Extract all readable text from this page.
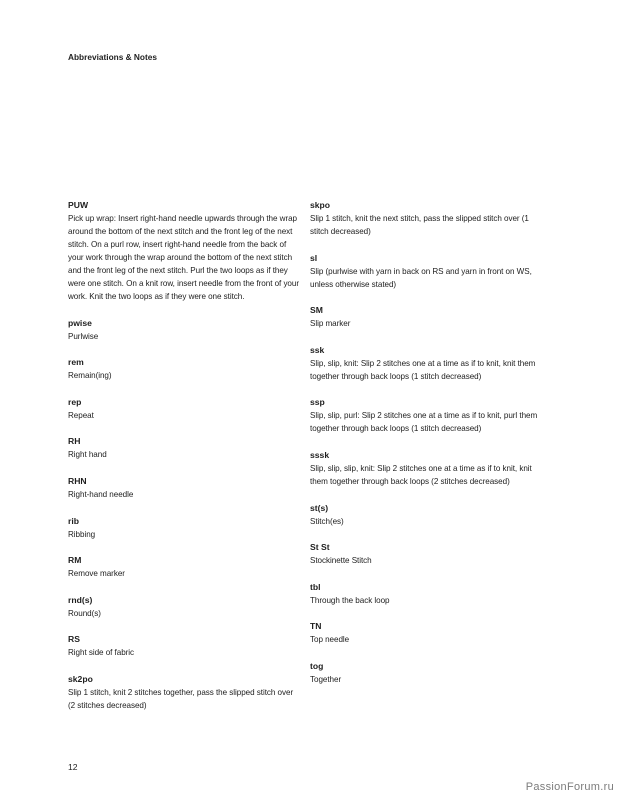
Abbreviations & Notes
PUW
Pick up wrap: Insert right-hand needle upwards through the wrap around the bottom of the next stitch and the front leg of the next stitch. On a purl row, insert right-hand needle from the back of your work through the wrap around the bottom of the next stitch and the front leg of the next stitch. Purl the two loops as if they were one stitch. On a knit row, insert needle from the front of your work. Knit the two loops as if they were one stitch.
pwise
Purlwise
rem
Remain(ing)
rep
Repeat
RH
Right hand
RHN
Right-hand needle
rib
Ribbing
RM
Remove marker
rnd(s)
Round(s)
RS
Right side of fabric
sk2po
Slip 1 stitch, knit 2 stitches together, pass the slipped stitch over (2 stitches decreased)
skpo
Slip 1 stitch, knit the next stitch, pass the slipped stitch over (1 stitch decreased)
sl
Slip (purlwise with yarn in back on RS and yarn in front on WS, unless otherwise stated)
SM
Slip marker
ssk
Slip, slip, knit: Slip 2 stitches one at a time as if to knit, knit them together through back loops (1 stitch decreased)
ssp
Slip, slip, purl: Slip 2 stitches one at a time as if to knit, purl them together through back loops (1 stitch decreased)
sssk
Slip, slip, slip, knit: Slip 2 stitches one at a time as if to knit, knit them together through back loops (2 stitches decreased)
st(s)
Stitch(es)
St St
Stockinette Stitch
tbl
Through the back loop
TN
Top needle
tog
Together
12
PassionForum.ru
